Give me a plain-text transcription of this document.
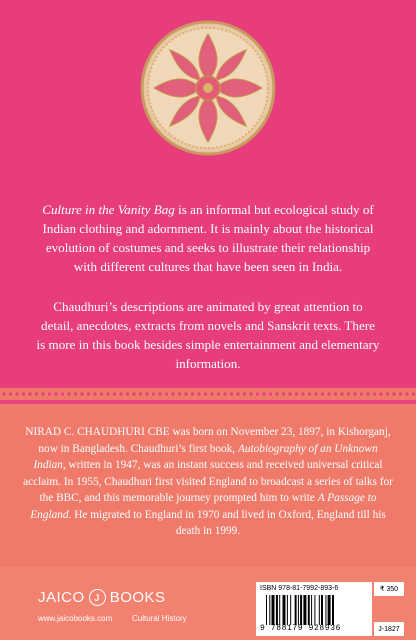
Culture in the Vanity Bag is an informal but ecological study of Indian clothing and adornment. It is mainly about the historical evolution of costumes and seeks to illustrate their relationship with different cultures that have been seen in India.

Chaudhuri’s descriptions are animated by great attention to detail, anecdotes, extracts from novels and Sanskrit texts. There is more in this book besides simple entertainment and elementary information.

NIRAD C. CHAUDHURI CBE was born on November 23, 1897, in Kishorganj, now in Bangladesh. Chaudhuri’s first book, Autobiography of an Unknown Indian, written in 1947, was an instant success and received universal critical acclaim. In 1955, Chaudhuri first visited England to broadcast a series of talks for the BBC, and this memorable journey prompted him to write A Passage to England. He migrated to England in 1970 and lived in Oxford, England till his death in 1999.

JAICO	J BOOKS
www.jaicobooks.com Cultural History
ISBN 978-81-7992-893-6
9 788179 928936
₹ 350
J-1827
